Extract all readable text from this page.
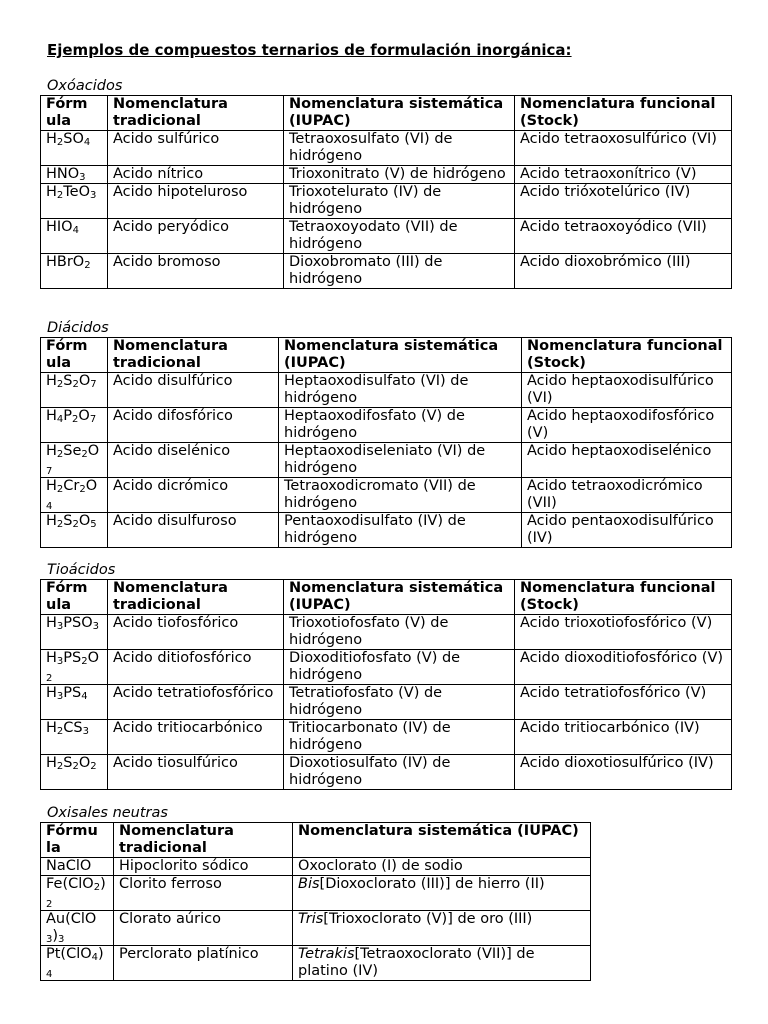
Ejemplos de compuestos ternarios de formulación inorgánica:

Oxóacidos

Fórm ula	Nomenclatura tradicional	Nomenclatura sistemática (IUPAC)	Nomenclatura funcional (Stock)
$H_2SO_4$	Acido sulfúrico	Tetraoxosulfato (VI) de hidrógeno	Acido tetraoxosulfúrico (VI)
$HNO_3$	Acido nítrico	Trioxonitrato (V) de hidrógeno	Acido tetraoxonítrico (V)
$H_2TeO_3$	Acido hipoteluroso	Trioxotelurato (IV) de hidrógeno	Acido trióxotelúrico (IV)
$HIO_4$	Acido peryódico	Tetraoxoyodato (VII) de hidrógeno	Acido tetraoxoyódico (VII)
HBrO$_2$	Acido bromoso	Dioxobromato (III) de hidrógeno	Acido dioxobrómico (III)

Diácidos

Fórm ula	Nomenclatura tradicional	Nomenclatura sistemática (IUPAC)	Nomenclatura funcional (Stock)
$H_2S_2O_7$	Acido disulfúrico	Heptaoxodisulfato (VI) de hidrógeno	Acido heptaoxodisulfúrico (VI)
$H_4P_2O_7$	Acido difosfórico	Heptaoxodifosfato (V) de hidrógeno	Acido heptaoxodifosfórico (V)
$H_2Se_2O_7$	Acido diselénico	Heptaoxodiseleniato (VI) de hidrógeno	Acido heptaoxodiselénico
$H_2Cr_2O_4$	Acido dicrómico	Tetraoxodicromato (VII) de hidrógeno	Acido tetraoxodicrómico (VII)
$H_2S_2O_5$	Acido disulfuroso	Pentaoxodisulfato (IV) de hidrógeno	Acido pentaoxodisulfúrico (IV)

Tioácidos

Fórm ula	Nomenclatura tradicional	Nomenclatura sistemática (IUPAC)	Nomenclatura funcional (Stock)
$H_3PSO_3$	Acido tiofosfórico	Trioxotiofosfato (V) de hidrógeno	Acido trioxotiofosfórico (V)
$H_3PS_2O_2$	Acido ditiofosfórico	Dioxoditiofosfato (V) de hidrógeno	Acido dioxoditiofosfórico (V)
$H_3PS_4$	Acido tetratiofosfórico	Tetratiofosfato (V) de hidrógeno	Acido tetratiofosfórico (V)
$H_2CS_3$	Acido tritiocarbónico	Tritiocarbonato (IV) de hidrógeno	Acido tritiocarbónico (IV)
$H_2S_2O_2$	Acido tiosulfúrico	Dioxotiosulfato (IV) de hidrógeno	Acido dioxotiosulfúrico (IV)

Oxisales neutras

Fórmu la	Nomenclatura tradicional	Nomenclatura sistemática (IUPAC)
NaClO	Hipoclorito sódico	Oxoclorato (I) de sodio
$Fe(ClO_2)_2$	Clorito ferroso	Bis[Dioxoclorato (III)] de hierro (II)
$Au(ClO_3)_3$	Clorato aúrico	Tris[Trioxoclorato (V)] de oro (III)
$Pt(ClO_4)_4$	Perclorato platínico	Tetrakis[Tetraoxoclorato (VII)] de platino (IV)
